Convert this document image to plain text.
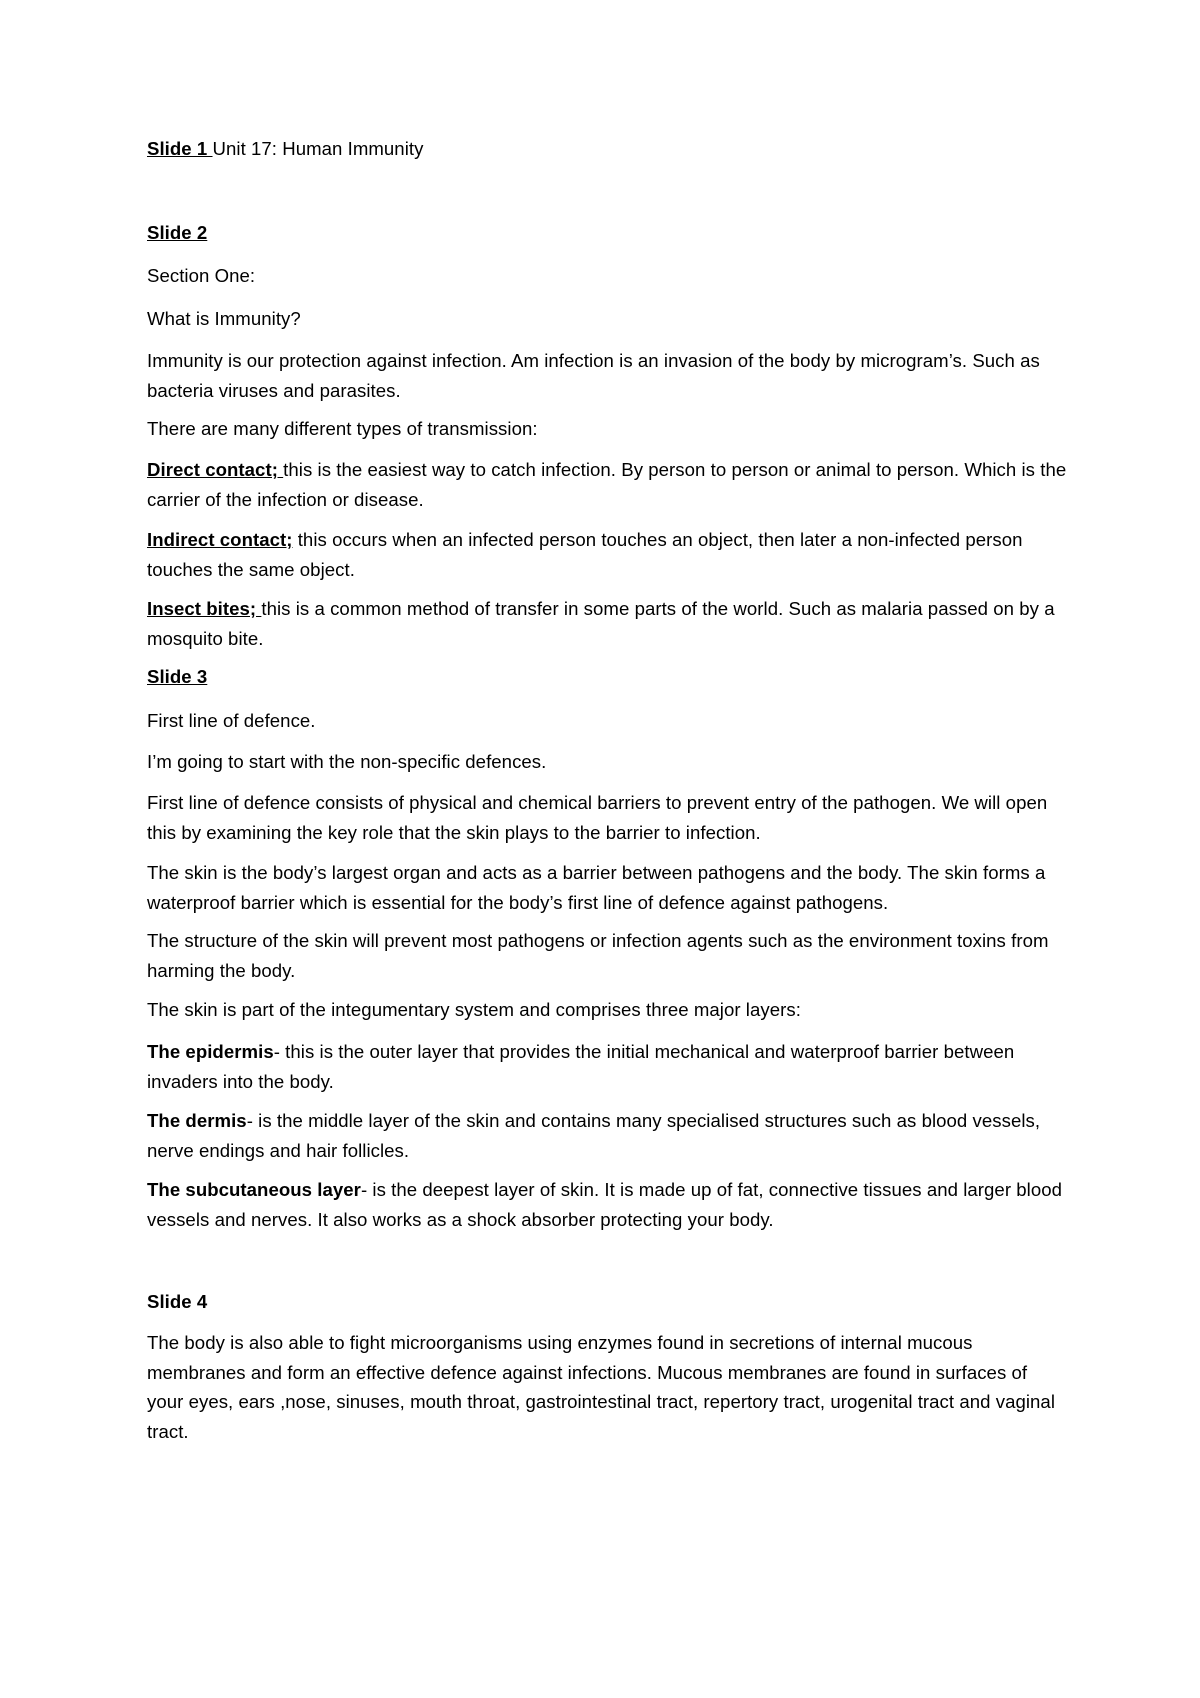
Slide 1 Unit 17: Human Immunity

Slide 2

Section One:

What is Immunity?

Immunity is our protection against infection. Am infection is an invasion of the body by microgram’s. Such as bacteria viruses and parasites.

There are many different types of transmission:

Direct contact; this is the easiest way to catch infection. By person to person or animal to person. Which is the carrier of the infection or disease.

Indirect contact; this occurs when an infected person touches an object, then later a non-infected person touches the same object.

Insect bites; this is a common method of transfer in some parts of the world. Such as malaria passed on by a mosquito bite.

Slide 3

First line of defence.

I’m going to start with the non-specific defences.

First line of defence consists of physical and chemical barriers to prevent entry of the pathogen. We will open this by examining the key role that the skin plays to the barrier to infection.

The skin is the body’s largest organ and acts as a barrier between pathogens and the body. The skin forms a waterproof barrier which is essential for the body’s first line of defence against pathogens.

The structure of the skin will prevent most pathogens or infection agents such as the environment toxins from harming the body.

The skin is part of the integumentary system and comprises three major layers:

The epidermis- this is the outer layer that provides the initial mechanical and waterproof barrier between invaders into the body.

The dermis- is the middle layer of the skin and contains many specialised structures such as blood vessels, nerve endings and hair follicles.

The subcutaneous layer- is the deepest layer of skin. It is made up of fat, connective tissues and larger blood vessels and nerves. It also works as a shock absorber protecting your body.

Slide 4

The body is also able to fight microorganisms using enzymes found in secretions of internal mucous membranes and form an effective defence against infections. Mucous membranes are found in surfaces of your eyes, ears ,nose, sinuses, mouth throat, gastrointestinal tract, repertory tract, urogenital tract and vaginal tract.
